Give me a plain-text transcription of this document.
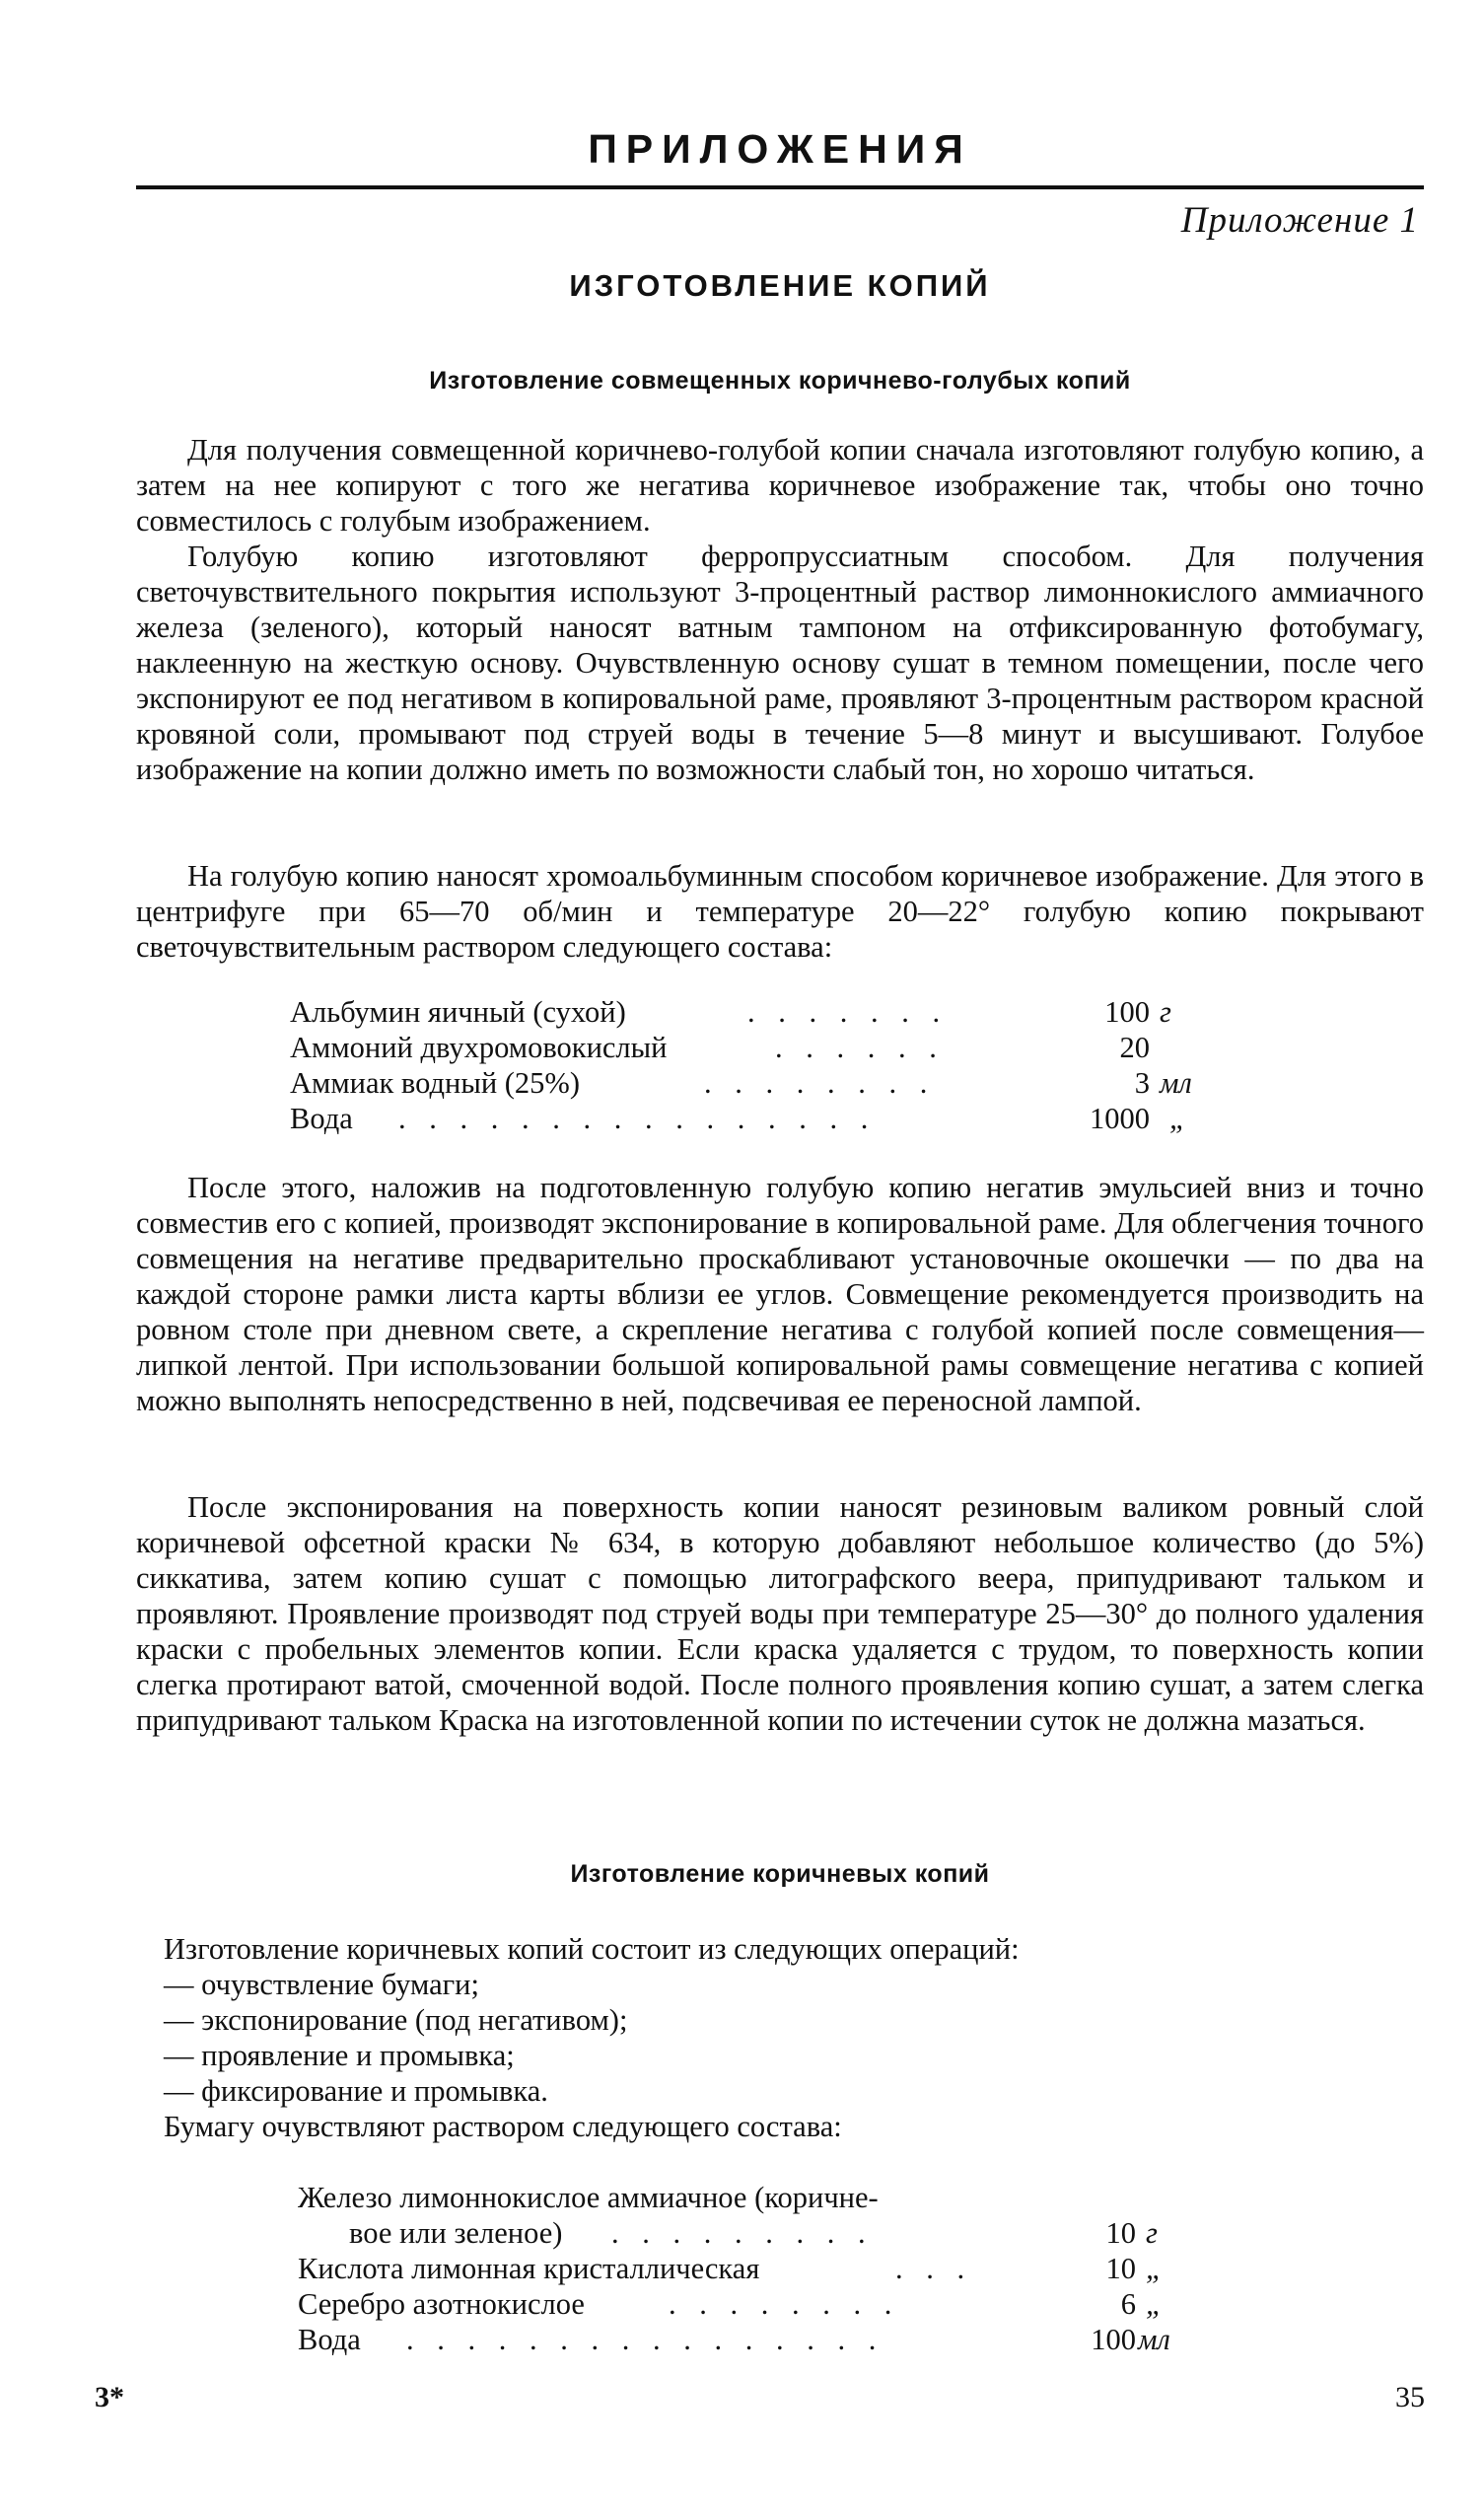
ПРИЛОЖЕНИЯ
Приложение 1
ИЗГОТОВЛЕНИЕ КОПИЙ
Изготовление совмещенных коричнево-голубых копий

Для получения совмещенной коричнево-голубой копии сначала изготовляют голубую копию, а затем на нее копируют с того же негатива коричневое изображение так, чтобы оно точно совместилось с голубым изображением.

Голубую копию изготовляют ферропруссиатным способом. Для получения светочувствительного покрытия используют 3-процентный раствор лимоннокислого аммиачного железа (зеленого), который наносят ватным тампоном на отфиксированную фотобумагу, наклеенную на жесткую основу. Очувствленную основу сушат в темном помещении, после чего экспонируют ее под негативом в копировальной раме, проявляют 3-процентным раствором красной кровяной соли, промывают под струей воды в течение 5—8 минут и высушивают. Голубое изображение на копии должно иметь по возможности слабый тон, но хорошо читаться.

На голубую копию наносят хромоальбуминным способом коричневое изображение. Для этого в центрифуге при 65—70 об/мин и температуре 20—22° голубую копию покрывают светочувствительным раствором следующего состава:

Альбумин яичный (сухой)	. . . . . . .	100 г
Аммоний двухромовокислый	. . . . . .	20
Аммиак водный (25%)	. . . . . . . .	3 мл
Вода . . . . . . . . . . . . . . . .	1000 „

После этого, наложив на подготовленную голубую копию негатив эмульсией вниз и точно совместив его с копией, производят экспонирование в копировальной раме. Для облегчения точного совмещения на негативе предварительно проскабливают установочные окошечки — по два на каждой стороне рамки листа карты вблизи ее углов. Совмещение рекомендуется производить на ровном столе при дневном свете, а скрепление негатива с голубой копией после совмещения— липкой лентой. При использовании большой копировальной рамы совмещение негатива с копией можно выполнять непосредственно в ней, подсвечивая ее переносной лампой.

После экспонирования на поверхность копии наносят резиновым валиком ровный слой коричневой офсетной краски № 634, в которую добавляют небольшое количество (до 5%) сиккатива, затем копию сушат с помощью литографского веера, припудривают тальком и проявляют. Проявление производят под струей воды при температуре 25—30° до полного удаления краски с пробельных элементов копии. Если краска удаляется с трудом, то поверхность копии слегка протирают ватой, смоченной водой. После полного проявления копию сушат, а затем слегка припудривают тальком Краска на изготовленной копии по истечении суток не должна мазаться.

Изготовление коричневых копий
Изготовление коричневых копий состоит из следующих операций:
— очувствление бумаги;
— экспонирование (под негативом);
— проявление и промывка;
— фиксирование и промывка.
Бумагу очувствляют раствором следующего состава:
Железо лимоннокислое аммиачное (коричне-
вое или зеленое) . . . . . . . . .	10 г
Кислота лимонная кристаллическая	. . .	10 „
Серебро азотнокислое	. . . . . . . .	6 „
Вода . . . . . . . . . . . . . . . .	100 мл
3*	35
